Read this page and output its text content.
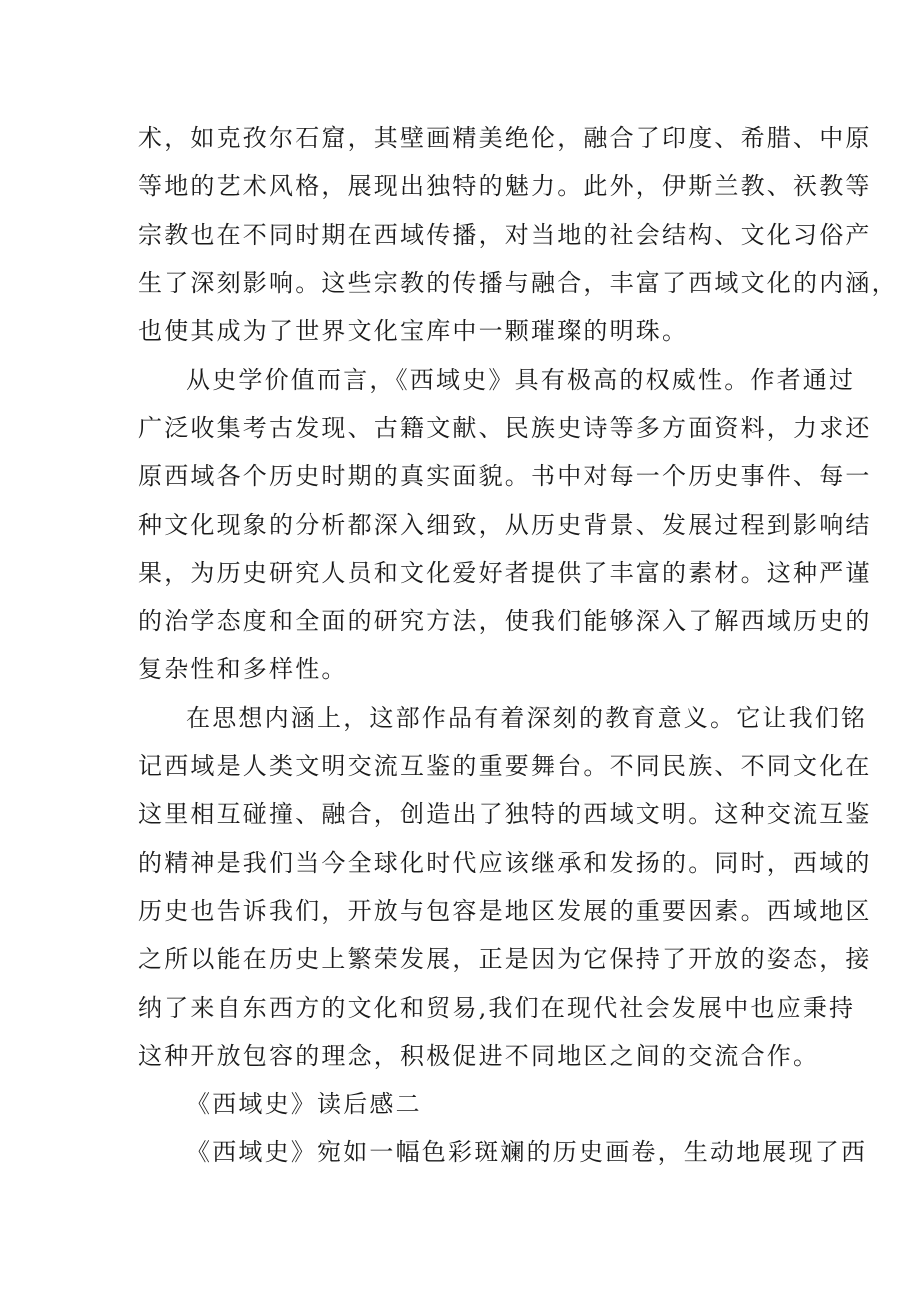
术，如克孜尔石窟，其壁画精美绝伦，融合了印度、希腊、中原

等地的艺术风格，展现出独特的魅力。此外，伊斯兰教、祆教等

宗教也在不同时期在西域传播，对当地的社会结构、文化习俗产

生了深刻影响。这些宗教的传播与融合，丰富了西域文化的内涵，

也使其成为了世界文化宝库中一颗璀璨的明珠。

从史学价值而言，《西域史》具有极高的权威性。作者通过

广泛收集考古发现、古籍文献、民族史诗等多方面资料，力求还

原西域各个历史时期的真实面貌。书中对每一个历史事件、每一

种文化现象的分析都深入细致，从历史背景、发展过程到影响结

果，为历史研究人员和文化爱好者提供了丰富的素材。这种严谨

的治学态度和全面的研究方法，使我们能够深入了解西域历史的

复杂性和多样性。

在思想内涵上，这部作品有着深刻的教育意义。它让我们铭

记西域是人类文明交流互鉴的重要舞台。不同民族、不同文化在

这里相互碰撞、融合，创造出了独特的西域文明。这种交流互鉴

的精神是我们当今全球化时代应该继承和发扬的。同时，西域的

历史也告诉我们，开放与包容是地区发展的重要因素。西域地区

之所以能在历史上繁荣发展，正是因为它保持了开放的姿态，接

纳了来自东西方的文化和贸易,我们在现代社会发展中也应秉持

这种开放包容的理念，积极促进不同地区之间的交流合作。

《西域史》读后感二

《西域史》宛如一幅色彩斑斓的历史画卷，生动地展现了西
